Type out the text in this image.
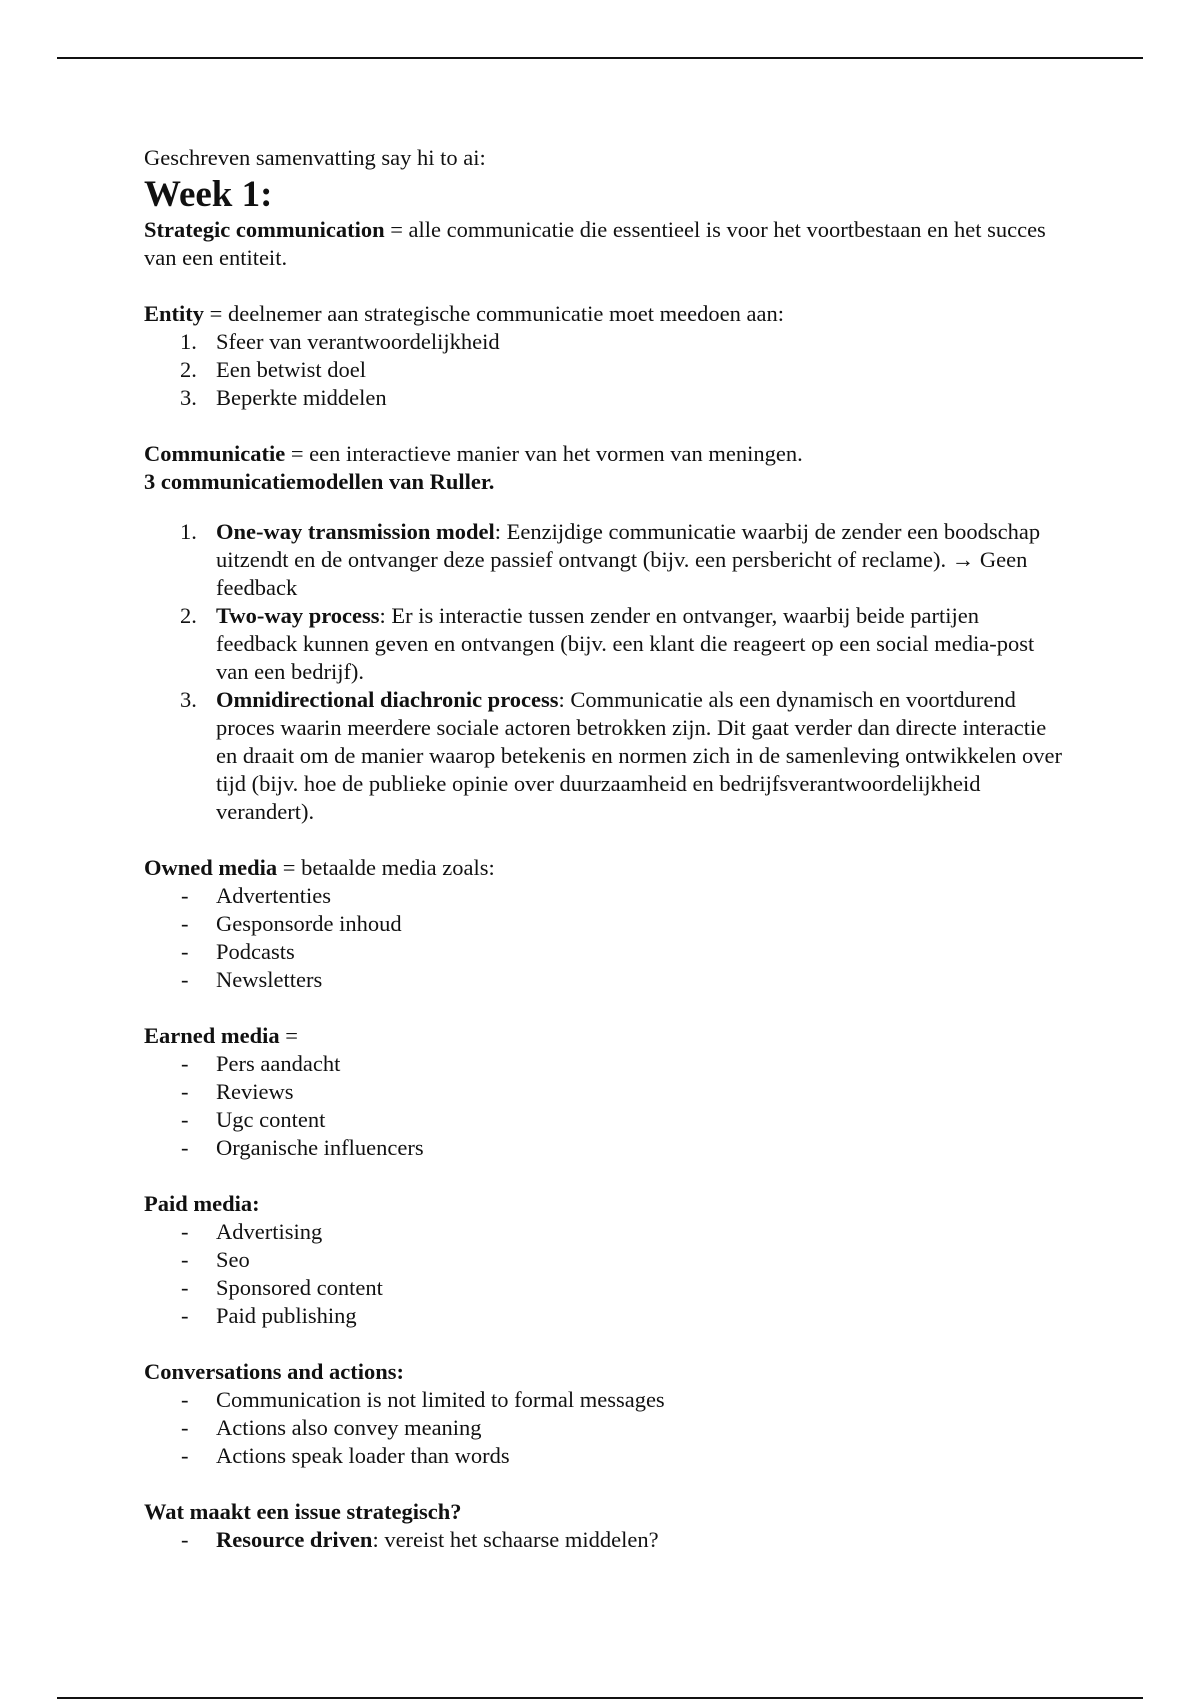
Geschreven samenvatting say hi to ai:

Week 1:

Strategic communication = alle communicatie die essentieel is voor het voortbestaan en het succes van een entiteit.

Entity = deelnemer aan strategische communicatie moet meedoen aan:

1. Sfeer van verantwoordelijkheid
2. Een betwist doel
3. Beperkte middelen

Communicatie = een interactieve manier van het vormen van meningen.

3 communicatiemodellen van Ruller.

1. One-way transmission model: Eenzijdige communicatie waarbij de zender een boodschap uitzendt en de ontvanger deze passief ontvangt (bijv. een persbericht of reclame). → Geen feedback
2. Two-way process: Er is interactie tussen zender en ontvanger, waarbij beide partijen feedback kunnen geven en ontvangen (bijv. een klant die reageert op een social media-post van een bedrijf).
3. Omnidirectional diachronic process: Communicatie als een dynamisch en voortdurend proces waarin meerdere sociale actoren betrokken zijn. Dit gaat verder dan directe interactie en draait om de manier waarop betekenis en normen zich in de samenleving ontwikkelen over tijd (bijv. hoe de publieke opinie over duurzaamheid en bedrijfsverantwoordelijkheid verandert).

Owned media = betaalde media zoals:

-	Advertenties
-	Gesponsorde inhoud
-	Podcasts
-	Newsletters

Earned media =

-	Pers aandacht
-	Reviews
-	Ugc content
-	Organische influencers

Paid media:

-	Advertising
-	Seo
-	Sponsored content
-	Paid publishing

Conversations and actions:

-	Communication is not limited to formal messages
-	Actions also convey meaning
-	Actions speak loader than words

Wat maakt een issue strategisch?

-	Resource driven: vereist het schaarse middelen?
